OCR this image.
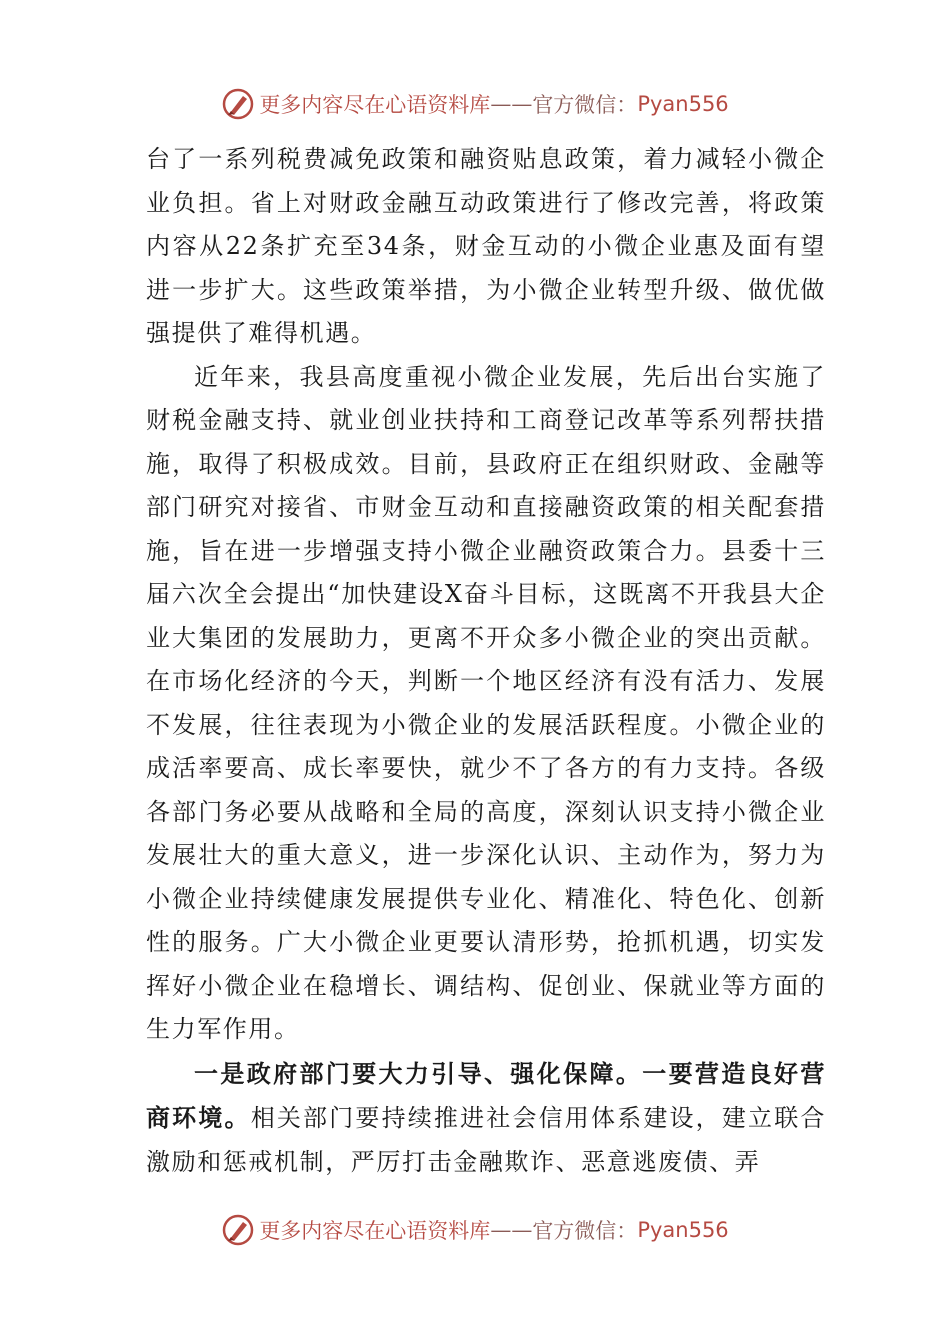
更多内容尽在心语资料库 —— 官方微信： Pyan556

台了一系列税费减免政策和融资贴息政策，着力减轻小微企业负担。省上对财政金融互动政策进行了修改完善，将政策内容从22条扩充至34条，财金互动的小微企业惠及面有望进一步扩大。这些政策举措，为小微企业转型升级、做优做强提供了难得机遇。

近年来，我县高度重视小微企业发展，先后出台实施了财税金融支持、就业创业扶持和工商登记改革等系列帮扶措施，取得了积极成效。目前，县政府正在组织财政、金融等部门研究对接省、市财金互动和直接融资政策的相关配套措施，旨在进一步增强支持小微企业融资政策合力。县委十三届六次全会提出“加快建设X奋斗目标，这既离不开我县大企业大集团的发展助力，更离不开众多小微企业的突出贡献。在市场化经济的今天，判断一个地区经济有没有活力、发展不发展，往往表现为小微企业的发展活跃程度。小微企业的成活率要高、成长率要快，就少不了各方的有力支持。各级各部门务必要从战略和全局的高度，深刻认识支持小微企业发展壮大的重大意义，进一步深化认识、主动作为，努力为小微企业持续健康发展提供专业化、精准化、特色化、创新性的服务。广大小微企业更要认清形势，抢抓机遇，切实发挥好小微企业在稳增长、调结构、促创业、保就业等方面的生力军作用。

一是政府部门要大力引导、强化保障。一要营造良好营商环境。相关部门要持续推进社会信用体系建设，建立联合激励和惩戒机制，严厉打击金融欺诈、恶意逃废债、弄

更多内容尽在心语资料库 —— 官方微信： Pyan556
